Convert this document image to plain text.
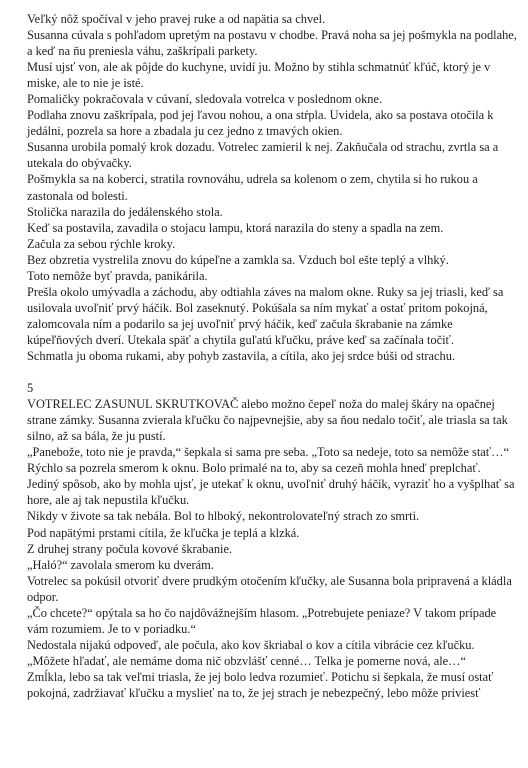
Veľký nôž spočíval v jeho pravej ruke a od napätia sa chvel.

Susanna cúvala s pohľadom upretým na postavu v chodbe. Pravá noha sa jej pošmykla na podlahe, a keď na ňu preniesla váhu, zaškrípali parkety.

Musí ujsť von, ale ak pôjde do kuchyne, uvidí ju. Možno by stihla schmatnúť kľúč, ktorý je v miske, ale to nie je isté.

Pomaličky pokračovala v cúvaní, sledovala votrelca v poslednom okne.

Podlaha znovu zaškrípala, pod jej ľavou nohou, a ona stŕpla. Uvidela, ako sa postava otočila k jedálni, pozrela sa hore a zbadala ju cez jedno z tmavých okien.

Susanna urobila pomalý krok dozadu. Votrelec zamieril k nej. Zakňučala od strachu, zvrtla sa a utekala do obývačky.

Pošmykla sa na koberci, stratila rovnováhu, udrela sa kolenom o zem, chytila si ho rukou a zastonala od bolesti.

Stolička narazila do jedálenského stola.

Keď sa postavila, zavadila o stojacu lampu, ktorá narazila do steny a spadla na zem.

Začula za sebou rýchle kroky.

Bez obzretia vystrelila znovu do kúpeľne a zamkla sa. Vzduch bol ešte teplý a vlhký.

Toto nemôže byť pravda, panikárila.

Prešla okolo umývadla a záchodu, aby odtiahla záves na malom okne. Ruky sa jej triasli, keď sa usilovala uvoľniť prvý háčik. Bol zaseknutý. Pokúšala sa ním mykať a ostať pritom pokojná, zalomcovala ním a podarilo sa jej uvoľniť prvý háčik, keď začula škrabanie na zámke kúpeľňových dverí. Utekala späť a chytila guľatú kľučku, práve keď sa začínala točiť.

Schmatla ju oboma rukami, aby pohyb zastavila, a cítila, ako jej srdce búši od strachu.

5

VOTRELEC ZASUNUL SKRUTKOVAČ alebo možno čepeľ noža do malej škáry na opačnej strane zámky. Susanna zvierala kľučku čo najpevnejšie, aby sa ňou nedalo točiť, ale triasla sa tak silno, až sa bála, že ju pustí.

„Panebože, toto nie je pravda,“ šepkala si sama pre seba. „Toto sa nedeje, toto sa nemôže stať…“

Rýchlo sa pozrela smerom k oknu. Bolo primalé na to, aby sa cezeň mohla hneď preplchať.

Jediný spôsob, ako by mohla ujsť, je utekať k oknu, uvoľniť druhý háčik, vyraziť ho a vyšplhať sa hore, ale aj tak nepustila kľučku.

Nikdy v živote sa tak nebála. Bol to hlboký, nekontrolovateľný strach zo smrti.

Pod napätými prstami cítila, že kľučka je teplá a klzká.

Z druhej strany počula kovové škrabanie.

„Haló?“ zavolala smerom ku dverám.

Votrelec sa pokúsil otvoriť dvere prudkým otočením kľučky, ale Susanna bola pripravená a kládla odpor.

„Čo chcete?“ opýtala sa ho čo najdôvážnejším hlasom. „Potrebujete peniaze? V takom prípade vám rozumiem. Je to v poriadku.“

Nedostala nijakú odpoveď, ale počula, ako kov škriabal o kov a cítila vibrácie cez kľučku.

„Môžete hľadať, ale nemáme doma nič obzvlášť cenné… Telka je pomerne nová, ale…“

Zmĺkla, lebo sa tak veľmi triasla, že jej bolo ledva rozumieť. Potichu si šepkala, že musí ostať pokojná, zadržiavať kľučku a myslieť na to, že jej strach je nebezpečný, lebo môže priviesť
